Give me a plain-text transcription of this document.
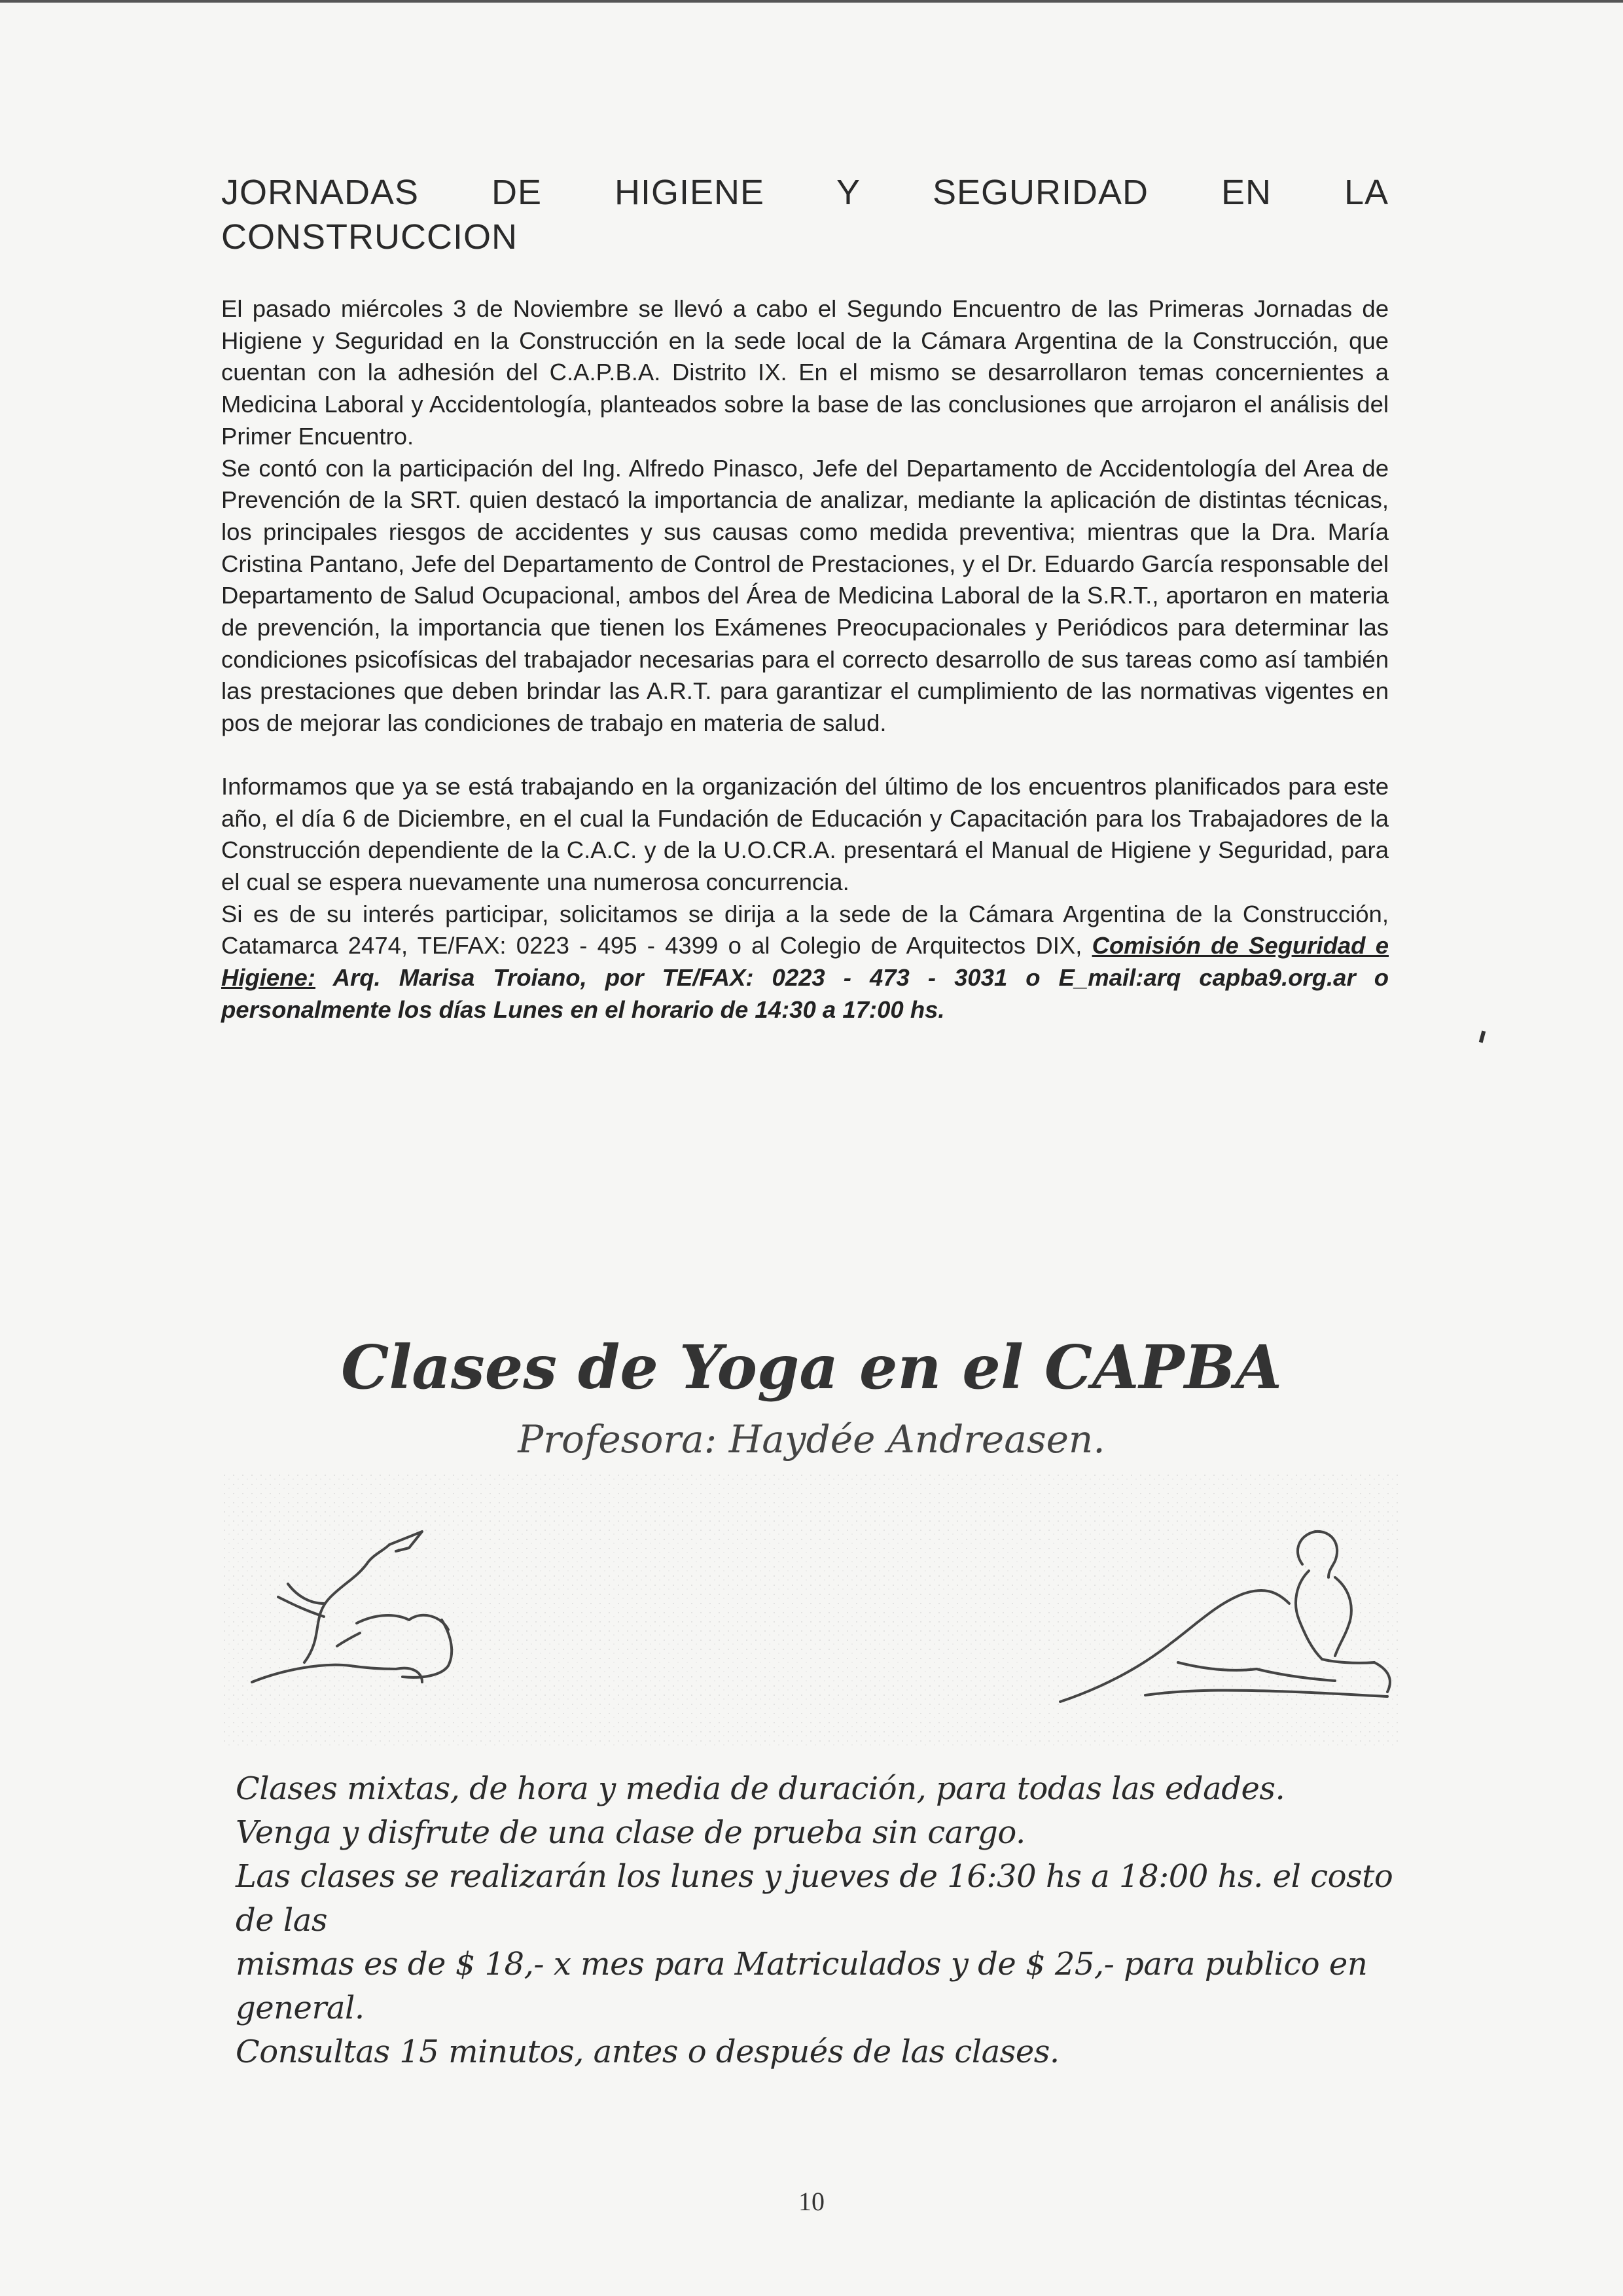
JORNADAS DE HIGIENE Y SEGURIDAD EN LA
CONSTRUCCION

El pasado miércoles 3 de Noviembre se llevó a cabo el Segundo Encuentro de las Primeras Jornadas de Higiene y Seguridad en la Construcción en la sede local de la Cámara Argentina de la Construcción, que cuentan con la adhesión del C.A.P.B.A. Distrito IX. En el mismo se desarrollaron temas concernientes a Medicina Laboral y Accidentología, planteados sobre la base de las conclusiones que arrojaron el análisis del Primer Encuentro.

Se contó con la participación del Ing. Alfredo Pinasco, Jefe del Departamento de Accidentología del Area de Prevención de la SRT. quien destacó la importancia de analizar, mediante la aplicación de distintas técnicas, los principales riesgos de accidentes y sus causas como medida preventiva; mientras que la Dra. María Cristina Pantano, Jefe del Departamento de Control de Prestaciones, y el Dr. Eduardo García responsable del Departamento de Salud Ocupacional, ambos del Área de Medicina Laboral de la S.R.T., aportaron en materia de prevención, la importancia que tienen los Exámenes Preocupacionales y Periódicos para determinar las condiciones psicofísicas del trabajador necesarias para el correcto desarrollo de sus tareas como así también las prestaciones que deben brindar las A.R.T. para garantizar el cumplimiento de las normativas vigentes en pos de mejorar las condiciones de trabajo en materia de salud.

Informamos que ya se está trabajando en la organización del último de los encuentros planificados para este año, el día 6 de Diciembre, en el cual la Fundación de Educación y Capacitación para los Trabajadores de la Construcción dependiente de la C.A.C. y de la U.O.CR.A. presentará el Manual de Higiene y Seguridad, para el cual se espera nuevamente una numerosa concurrencia.

Si es de su interés participar, solicitamos se dirija a la sede de la Cámara Argentina de la Construcción, Catamarca 2474, TE/FAX: 0223 - 495 - 4399 o al Colegio de Arquitectos DIX, Comisión de Seguridad e Higiene: Arq. Marisa Troiano, por TE/FAX: 0223 - 473 - 3031 o E_mail:arq capba9.org.ar o personalmente los días Lunes en el horario de 14:30 a 17:00 hs.

Clases de Yoga en el CAPBA

Profesora: Haydée Andreasen.

Clases mixtas, de hora y media de duración, para todas las edades.

Venga y disfrute de una clase de prueba sin cargo.

Las clases se realizarán los lunes y jueves de 16:30 hs a 18:00 hs. el costo de las

mismas es de $ 18,- x mes para Matriculados y de $ 25,- para publico en general.

Consultas 15 minutos, antes o después de las clases.

10
